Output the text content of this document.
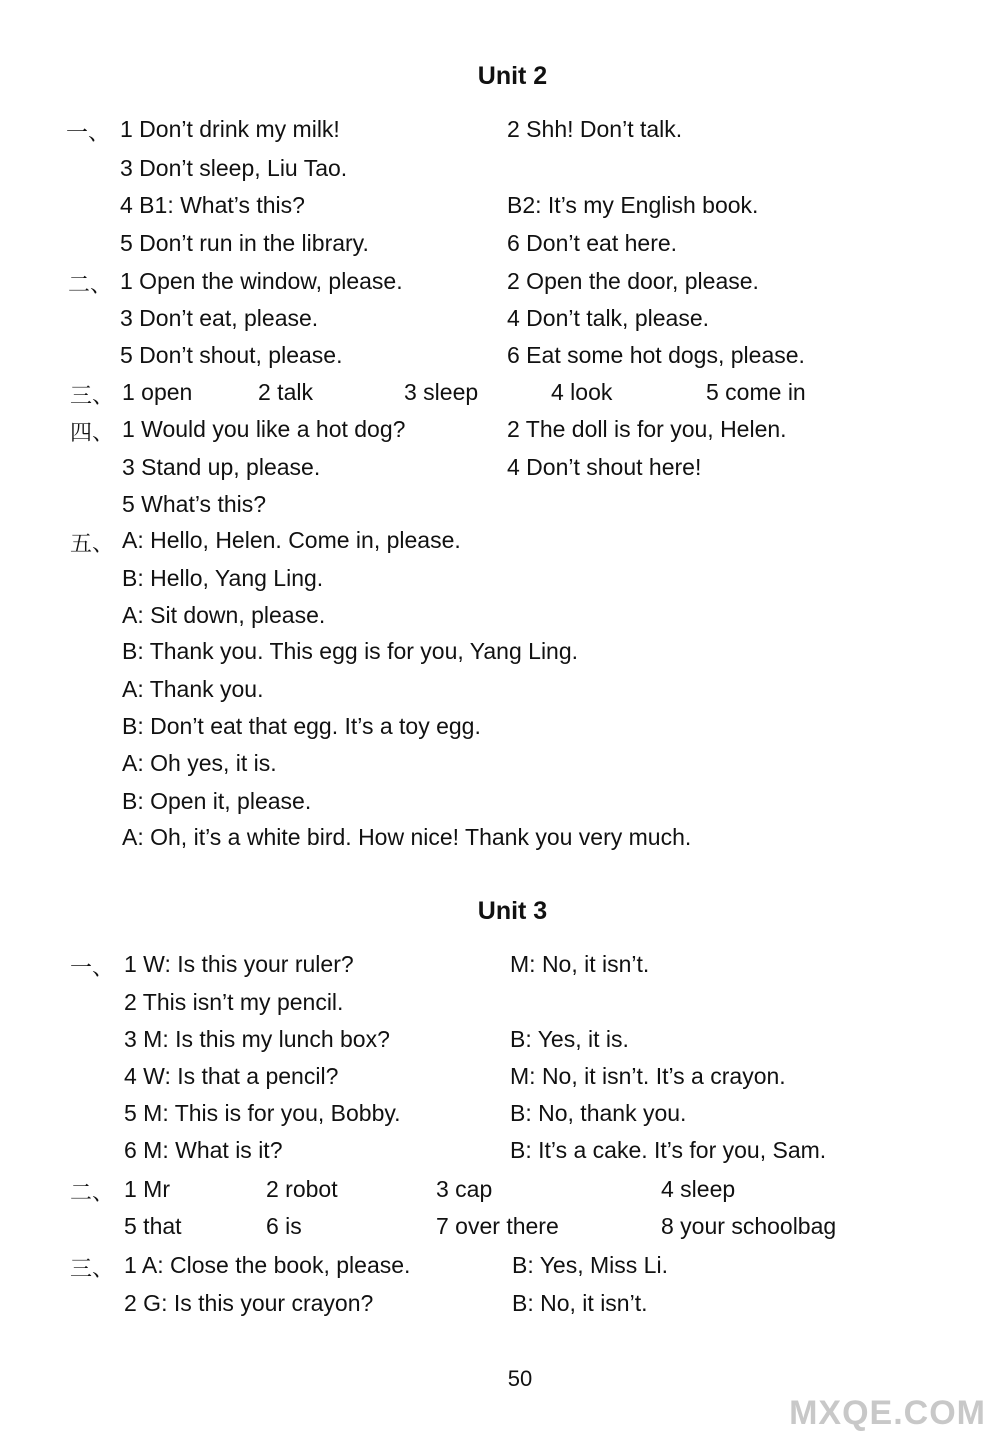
Unit 2
一、 1 Don’t drink my milk!	2 Shh! Don’t talk.
3 Don’t sleep, Liu Tao.
4 B1: What’s this?	B2: It’s my English book.
5 Don’t run in the library.	6 Don’t eat here.
二、 1 Open the window, please.	2 Open the door, please.
3 Don’t eat, please.	4 Don’t talk, please.
5 Don’t shout, please.	6 Eat some hot dogs, please.
三、 1 open	2 talk	3 sleep	4 look	5 come in
四、 1 Would you like a hot dog?	2 The doll is for you, Helen.
3 Stand up, please.	4 Don’t shout here!
5 What’s this?
五、 A: Hello, Helen. Come in, please.
B: Hello, Yang Ling.
A: Sit down, please.
B: Thank you. This egg is for you, Yang Ling.
A: Thank you.
B: Don’t eat that egg. It’s a toy egg.
A: Oh yes, it is.
B: Open it, please.
A: Oh, it’s a white bird. How nice! Thank you very much.
Unit 3
一、 1 W: Is this your ruler?	M: No, it isn’t.
2 This isn’t my pencil.
3 M: Is this my lunch box?	B: Yes, it is.
4 W: Is that a pencil?	M: No, it isn’t. It’s a crayon.
5 M: This is for you, Bobby.	B: No, thank you.
6 M: What is it?	B: It’s a cake. It’s for you, Sam.
二、 1 Mr	2 robot	3 cap	4 sleep
5 that	6 is	7 over there	8 your schoolbag
三、 1 A: Close the book, please.	B: Yes, Miss Li.
2 G: Is this your crayon?	B: No, it isn’t.
50
MXQE.COM
